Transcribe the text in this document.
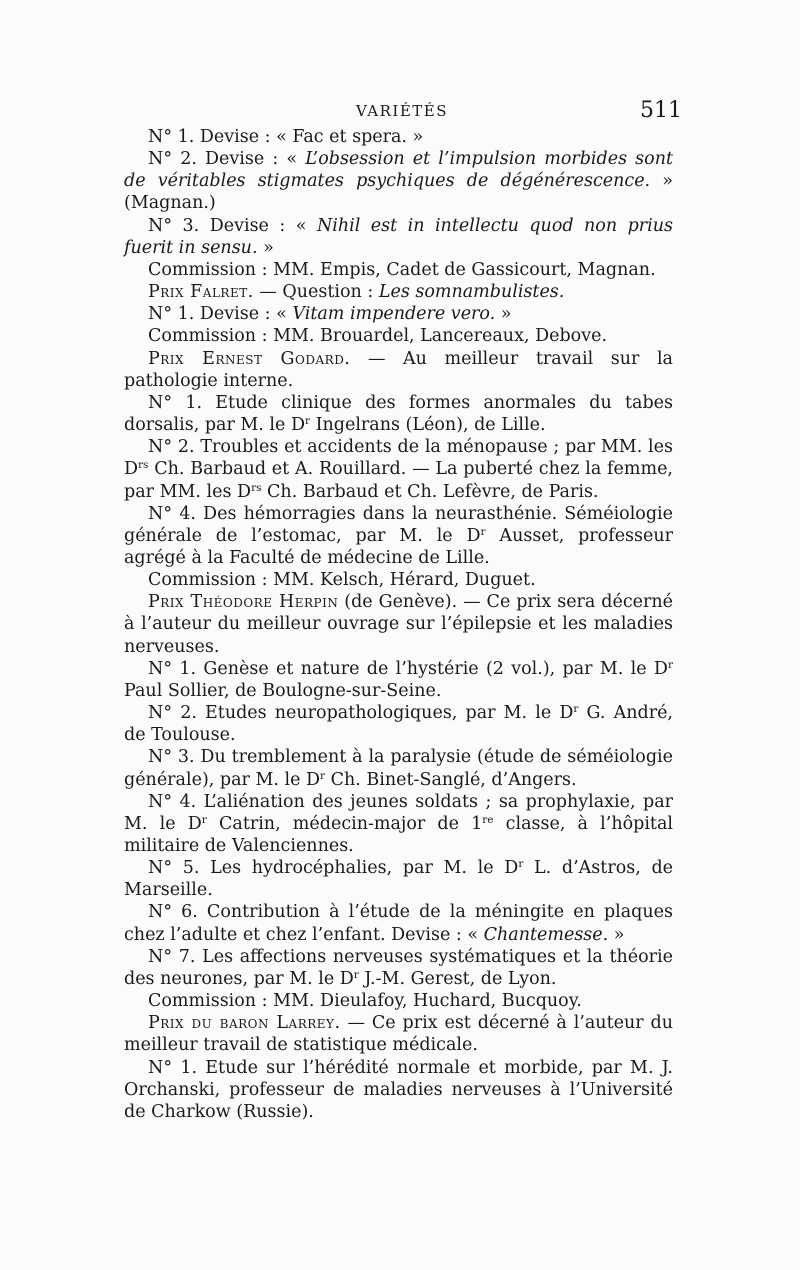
VARIÉTÉS	511

N° 1. Devise : « Fac et spera. »

N° 2. Devise : « L’obsession et l’impulsion morbides sont de véritables stigmates psychiques de dégénérescence. » (Magnan.)

N° 3. Devise : « Nihil est in intellectu quod non prius fuerit in sensu. »

Commission : MM. Empis, Cadet de Gassicourt, Magnan.

Prix Falret. — Question : Les somnambulistes.

N° 1. Devise : « Vitam impendere vero. »

Commission : MM. Brouardel, Lancereaux, Debove.

Prix Ernest Godard. — Au meilleur travail sur la pathologie interne.

N° 1. Etude clinique des formes anormales du tabes dorsalis, par M. le $D^r$ Ingelrans (Léon), de Lille.

N° 2. Troubles et accidents de la ménopause ; par MM. les $D^{rs}$ Ch. Barbaud et A. Rouillard. — La puberté chez la femme, par MM. les $D^{rs}$ Ch. Barbaud et Ch. Lefèvre, de Paris.

N° 4. Des hémorragies dans la neurasthénie. Séméiologie générale de l’estomac, par M. le $D^r$ Ausset, professeur agrégé à la Faculté de médecine de Lille.

Commission : MM. Kelsch, Hérard, Duguet.

Prix Théodore Herpin (de Genève). — Ce prix sera décerné à l’auteur du meilleur ouvrage sur l’épilepsie et les maladies nerveuses.

N° 1. Genèse et nature de l’hystérie (2 vol.), par M. le $D^r$ Paul Sollier, de Boulogne-sur-Seine.

N° 2. Etudes neuropathologiques, par M. le $D^r$ G. André, de Toulouse.

N° 3. Du tremblement à la paralysie (étude de séméiologie générale), par M. le $D^r$ Ch. Binet-Sanglé, d’Angers.

N° 4. L’aliénation des jeunes soldats ; sa prophylaxie, par M. le $D^r$ Catrin, médecin-major de 1re classe, à l’hôpital militaire de Valenciennes.

N° 5. Les hydrocéphalies, par M. le $D^r$ L. d’Astros, de Marseille.

N° 6. Contribution à l’étude de la méningite en plaques chez l’adulte et chez l’enfant. Devise : « Chantemesse. »

N° 7. Les affections nerveuses systématiques et la théorie des neurones, par M. le $D^r$ J.-M. Gerest, de Lyon.

Commission : MM. Dieulafoy, Huchard, Bucquoy.

Prix du baron Larrey. — Ce prix est décerné à l’auteur du meilleur travail de statistique médicale.

N° 1. Etude sur l’hérédité normale et morbide, par M. J. Orchanski, professeur de maladies nerveuses à l’Université de Charkow (Russie).
